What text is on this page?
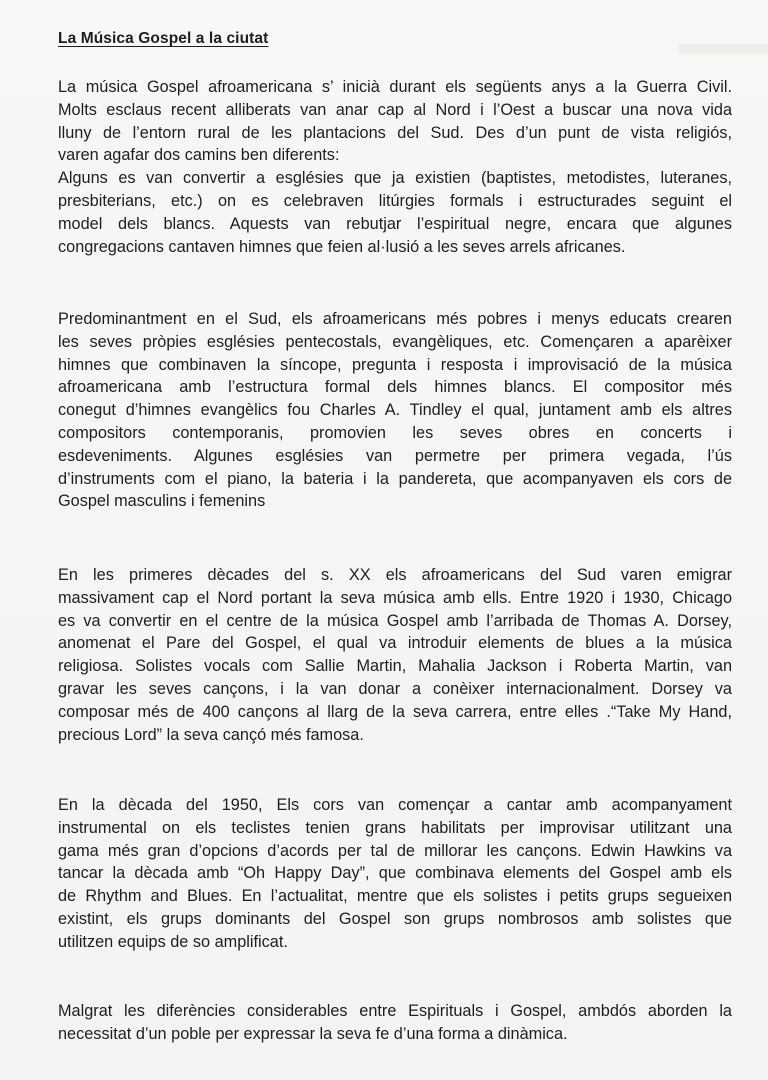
La Música Gospel a la ciutat

La música Gospel afroamericana s’ inicià durant els següents anys a la Guerra Civil.
Molts esclaus recent alliberats van anar cap al Nord i l’Oest a buscar una nova vida
lluny de l’entorn rural de les plantacions del Sud. Des d’un punt de vista religiós,
varen agafar dos camins ben diferents:
Alguns es van convertir a esglésies que ja existien (baptistes, metodistes, luteranes,
presbiterians, etc.) on es celebraven litúrgies formals i estructurades seguint el
model dels blancs. Aquests van rebutjar l’espiritual negre, encara que algunes
congregacions cantaven himnes que feien al·lusió a les seves arrels africanes.

Predominantment en el Sud, els afroamericans més pobres i menys educats crearen
les seves pròpies esglésies pentecostals, evangèliques, etc. Començaren a aparèixer
himnes que combinaven la síncope, pregunta i resposta i improvisació de la música
afroamericana amb l’estructura formal dels himnes blancs. El compositor més
conegut d’himnes evangèlics fou Charles A. Tindley el qual, juntament amb els altres
compositors contemporanis, promovien les seves obres en concerts i
esdeveniments. Algunes esglésies van permetre per primera vegada, l’ús
d’instruments com el piano, la bateria i la pandereta, que acompanyaven els cors de
Gospel masculins i femenins

En les primeres dècades del s. XX els afroamericans del Sud varen emigrar
massivament cap el Nord portant la seva música amb ells. Entre 1920 i 1930, Chicago
es va convertir en el centre de la música Gospel amb l’arribada de Thomas A. Dorsey,
anomenat el Pare del Gospel, el qual va introduir elements de blues a la música
religiosa. Solistes vocals com Sallie Martin, Mahalia Jackson i Roberta Martin, van
gravar les seves cançons, i la van donar a conèixer internacionalment. Dorsey va
composar més de 400 cançons al llarg de la seva carrera, entre elles .“Take My Hand,
precious Lord” la seva cançó més famosa.

En la dècada del 1950, Els cors van començar a cantar amb acompanyament
instrumental on els teclistes tenien grans habilitats per improvisar utilitzant una
gama més gran d’opcions d’acords per tal de millorar les cançons. Edwin Hawkins va
tancar la dècada amb “Oh Happy Day”, que combinava elements del Gospel amb els
de Rhythm and Blues. En l’actualitat, mentre que els solistes i petits grups segueixen
existint, els grups dominants del Gospel son grups nombrosos amb solistes que
utilitzen equips de so amplificat.

Malgrat les diferències considerables entre Espirituals i Gospel, ambdós aborden la
necessitat d’un poble per expressar la seva fe d’una forma a dinàmica.
